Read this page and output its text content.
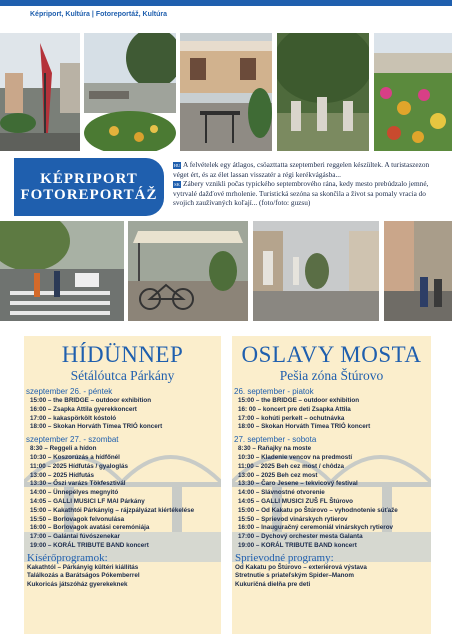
Képriport, Kultúra | Fotoreportáž, Kultúra
KÉPRIPORT
FOTOREPORTÁŽ
HU A felvételek egy átlagos, csöazttatta szeptemberi reggelen készültek. A turistaszezon véget ért, és az élet lassan visszatér a régi kerékvágásba...
SK Zábery vznikli počas typického septembrového rána, kedy mesto prebúdzalo jemné, vytrvalé dažďové mrholenie. Turistická sezóna sa skončila a život sa pomaly vracia do svojich zaužívaných koľají... (foto/foto: guzsu)
HÍDÜNNEP
Sétálóutca Párkány
szeptember 26. - péntek
15:00 – the BRIDGE – outdoor exhibition
16:00 – Zsapka Attila gyerekkoncert
17:00 – kakaspörkölt kóstoló
18:00 – Skokan Horváth Tímea TRIÓ koncert
szeptember 27. - szombat
8:30 – Reggeli a hídon
10:30 – Koszorúzás a hídfőnél
11:00 – 2025 Hídfutás / gyaloglás
13:00 – 2025 Hídfutás
13:30 – Őszi varázs Tökfesztivál
14:00 – Ünnepélyes megnyitó
14:05 – GALLI MUSICI LF MAI Párkány
15:00 – Kakathtói Párkányig – rájzpályázat kiértékelése
15:50 – Borlovagok felvonulása
16:00 – Borlovagok avatási ceremóniája
17:00 – Galántai fúvószenekar
19:00 – KORÁL TRIBUTE BAND koncert
Kísérőprogramok:
Kakathtól – Párkányig kültéri kiállítás
Találkozás a Barátságos Pókemberrel
Kukoricás játszóház gyerekeknek
OSLAVY MOSTA
Pešia zóna Štúrovo
26. september - piatok
15:00 – the BRIDGE – outdoor exhibition
16: 00 – koncert pre deti Zsapka Attila
17:00 – kohúti perkelt – ochutnávka
18:00 – Skokan Horváth Tímea TRIÓ koncert
27. september - sobota
8:30 – Raňajky na moste
10:30 – Kladenie vencov na predmostí
11:00 – 2025 Beh cez most / chôdza
13:00 – 2025 Beh cez most
13:30 – Čaro Jesene – tekvicový festival
14:00 – Slávnostné otvorenie
14:05 – GALLI MUSICI ZUŠ FL Štúrovo
15:00 – Od Kakatu po Štúrovo – vyhodnotenie súťaže
15:50 – Sprievod vinárskych rytierov
16:00 – Inauguračný ceremoniál vinárskych rytierov
17:00 – Dychový orchester mesta Galanta
19:00 – KORÁL TRIBUTE BAND koncert
Sprievodné programy:
Od Kakatu po Štúrovo – exteriérová výstava
Stretnutie s priateľským Spider–Manom
Kukuričná dielňa pre deti
